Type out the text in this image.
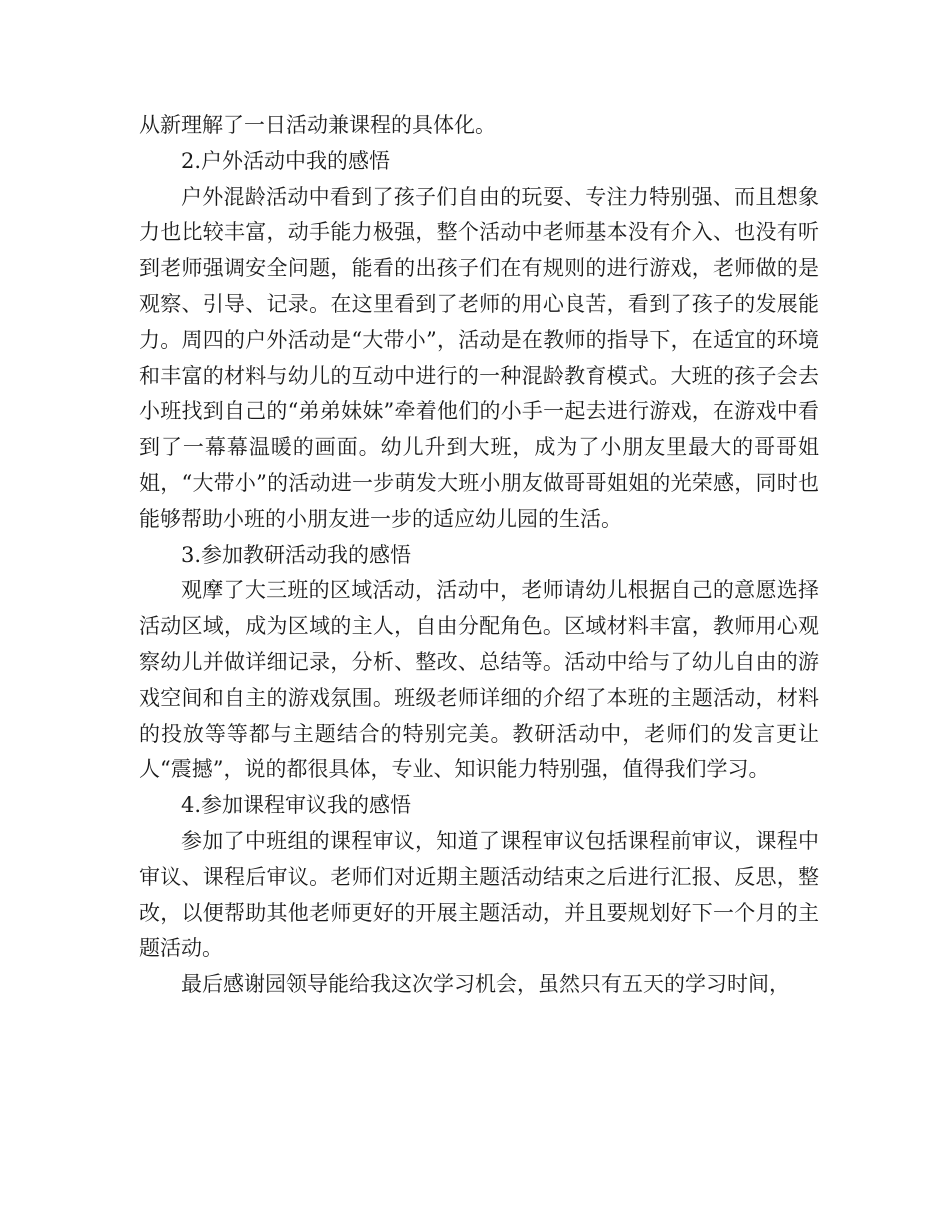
从新理解了一日活动兼课程的具体化。

2.户外活动中我的感悟

户外混龄活动中看到了孩子们自由的玩耍、专注力特别强、而且想象力也比较丰富，动手能力极强，整个活动中老师基本没有介入、也没有听到老师强调安全问题，能看的出孩子们在有规则的进行游戏，老师做的是观察、引导、记录。在这里看到了老师的用心良苦，看到了孩子的发展能力。周四的户外活动是“大带小”，活动是在教师的指导下，在适宜的环境和丰富的材料与幼儿的互动中进行的一种混龄教育模式。大班的孩子会去小班找到自己的“弟弟妹妹”牵着他们的小手一起去进行游戏，在游戏中看到了一幕幕温暖的画面。幼儿升到大班，成为了小朋友里最大的哥哥姐姐，“大带小”的活动进一步萌发大班小朋友做哥哥姐姐的光荣感，同时也能够帮助小班的小朋友进一步的适应幼儿园的生活。

3.参加教研活动我的感悟

观摩了大三班的区域活动，活动中，老师请幼儿根据自己的意愿选择活动区域，成为区域的主人，自由分配角色。区域材料丰富，教师用心观察幼儿并做详细记录，分析、整改、总结等。活动中给与了幼儿自由的游戏空间和自主的游戏氛围。班级老师详细的介绍了本班的主题活动，材料的投放等等都与主题结合的特别完美。教研活动中，老师们的发言更让人“震撼”，说的都很具体，专业、知识能力特别强，值得我们学习。

4.参加课程审议我的感悟

参加了中班组的课程审议，知道了课程审议包括课程前审议，课程中审议、课程后审议。老师们对近期主题活动结束之后进行汇报、反思，整改，以便帮助其他老师更好的开展主题活动，并且要规划好下一个月的主题活动。

最后感谢园领导能给我这次学习机会，虽然只有五天的学习时间，
